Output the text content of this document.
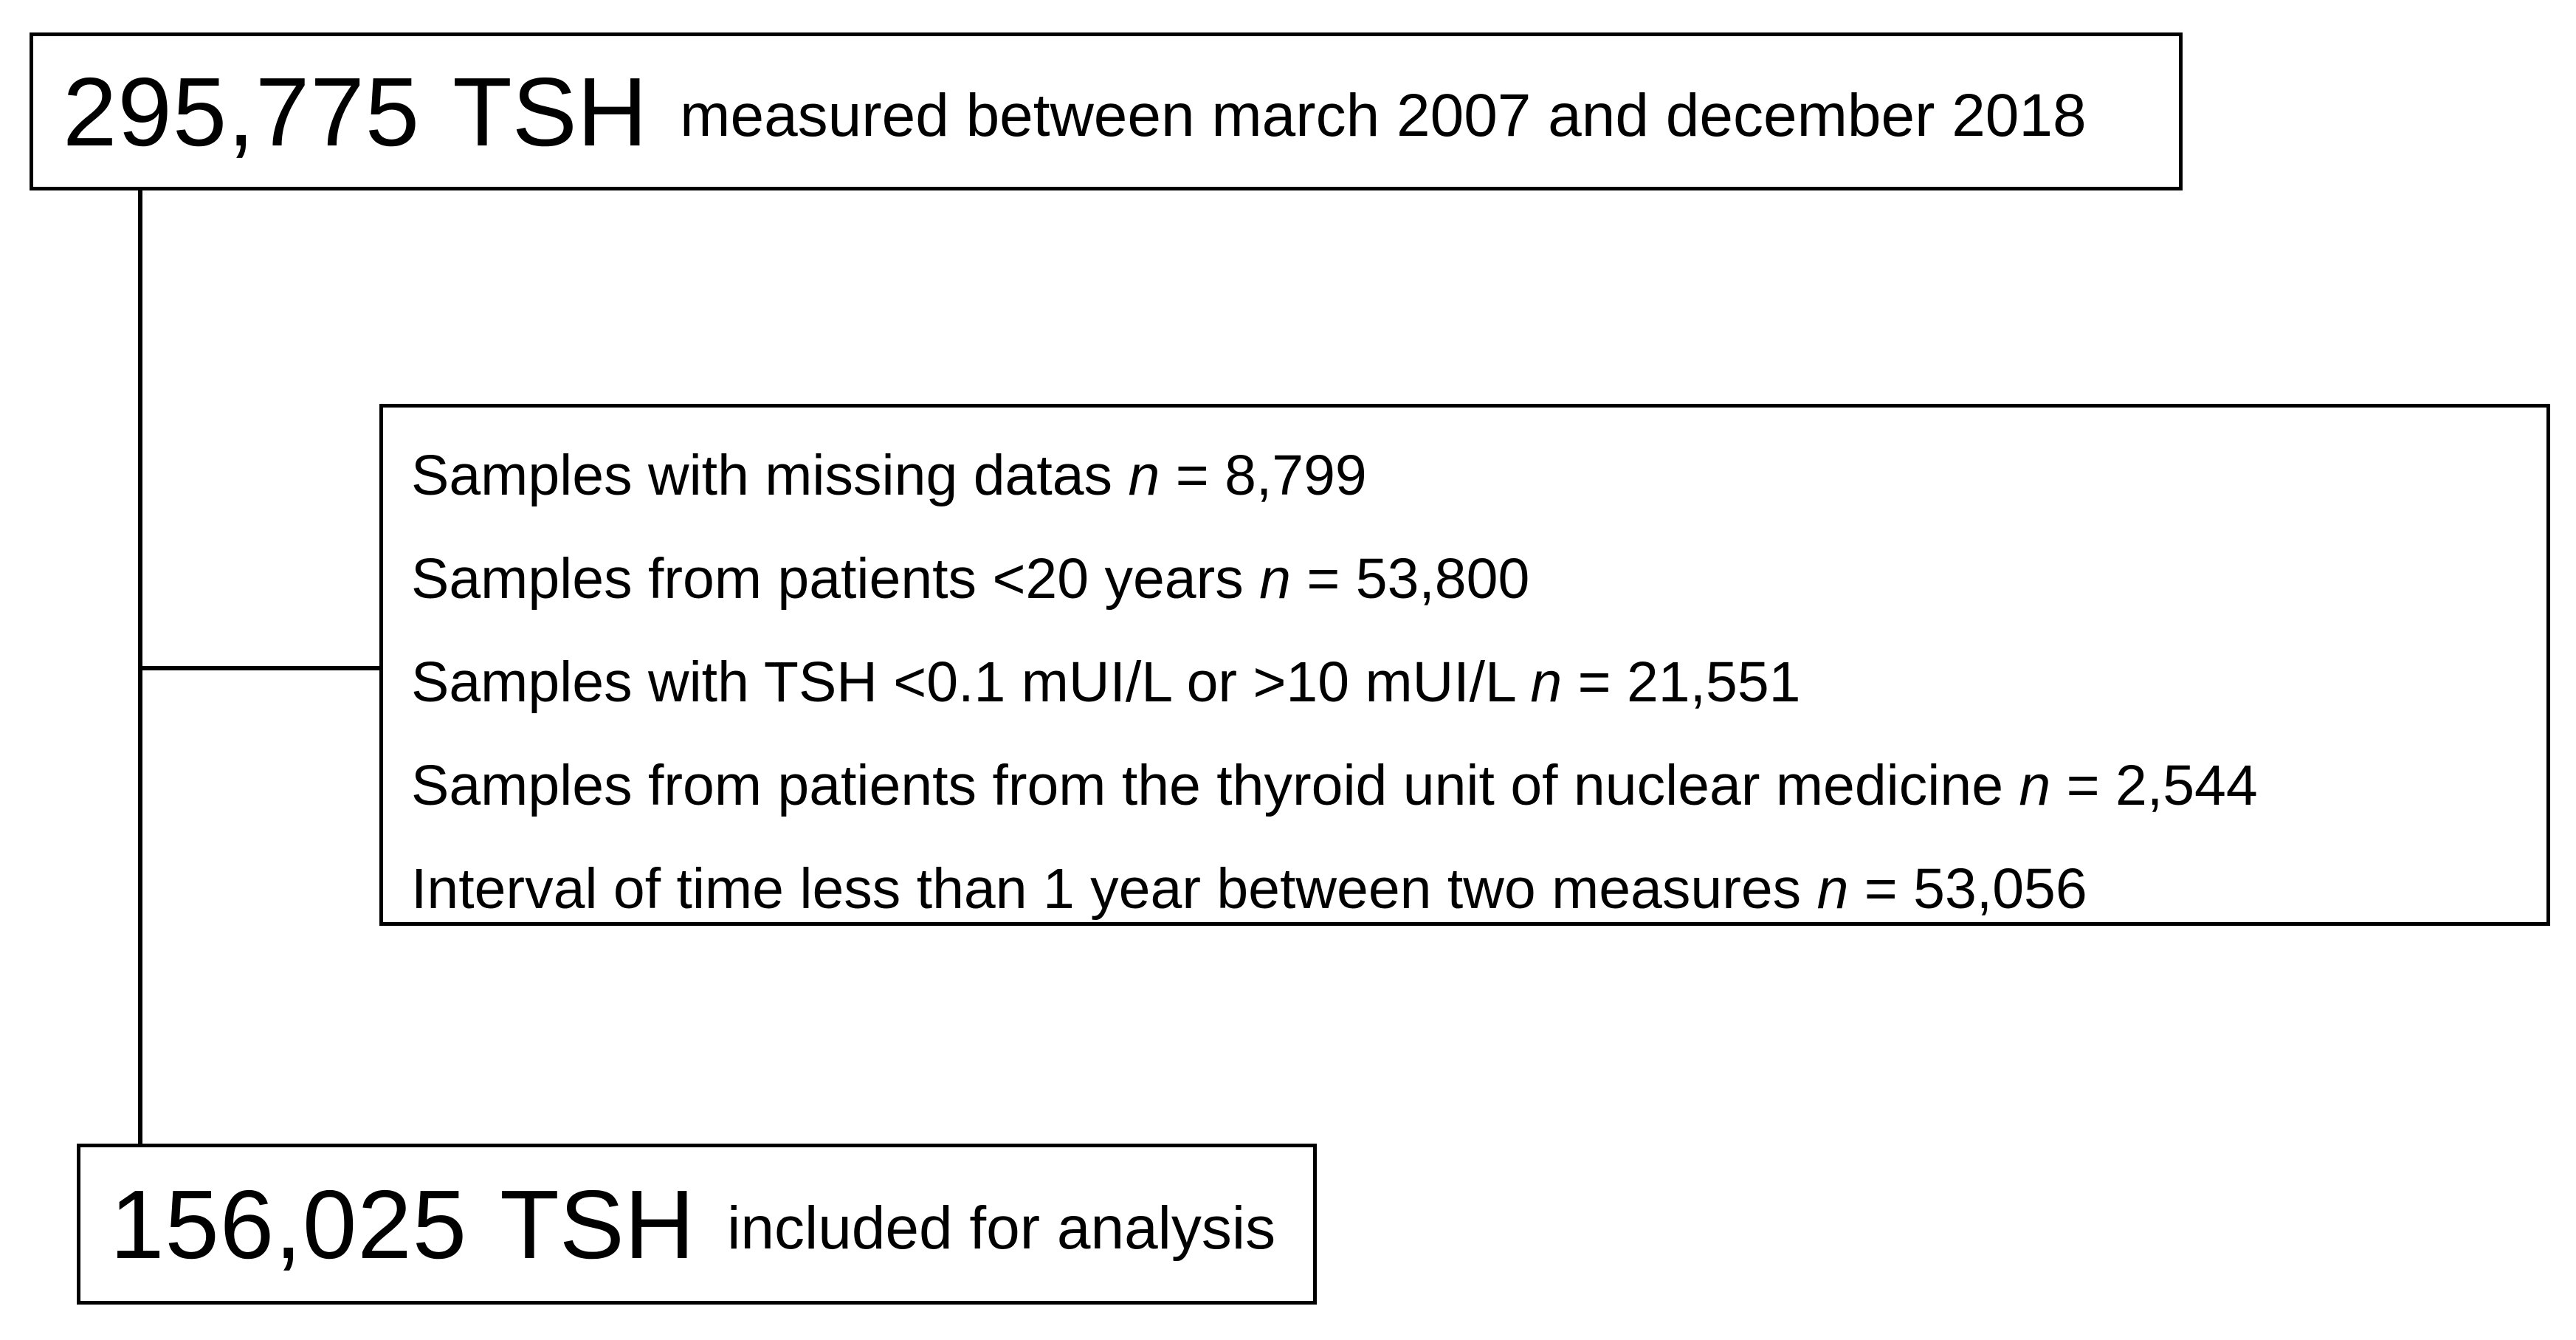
295,775 TSH measured between march 2007 and december 2018
Samples with missing datas n = 8,799
Samples from patients <20 years n = 53,800
Samples with TSH <0.1 mUI/L or >10 mUI/L n = 21,551
Samples from patients from the thyroid unit of nuclear medicine n = 2,544
Interval of time less than 1 year between two measures n = 53,056
156,025 TSH included for analysis
